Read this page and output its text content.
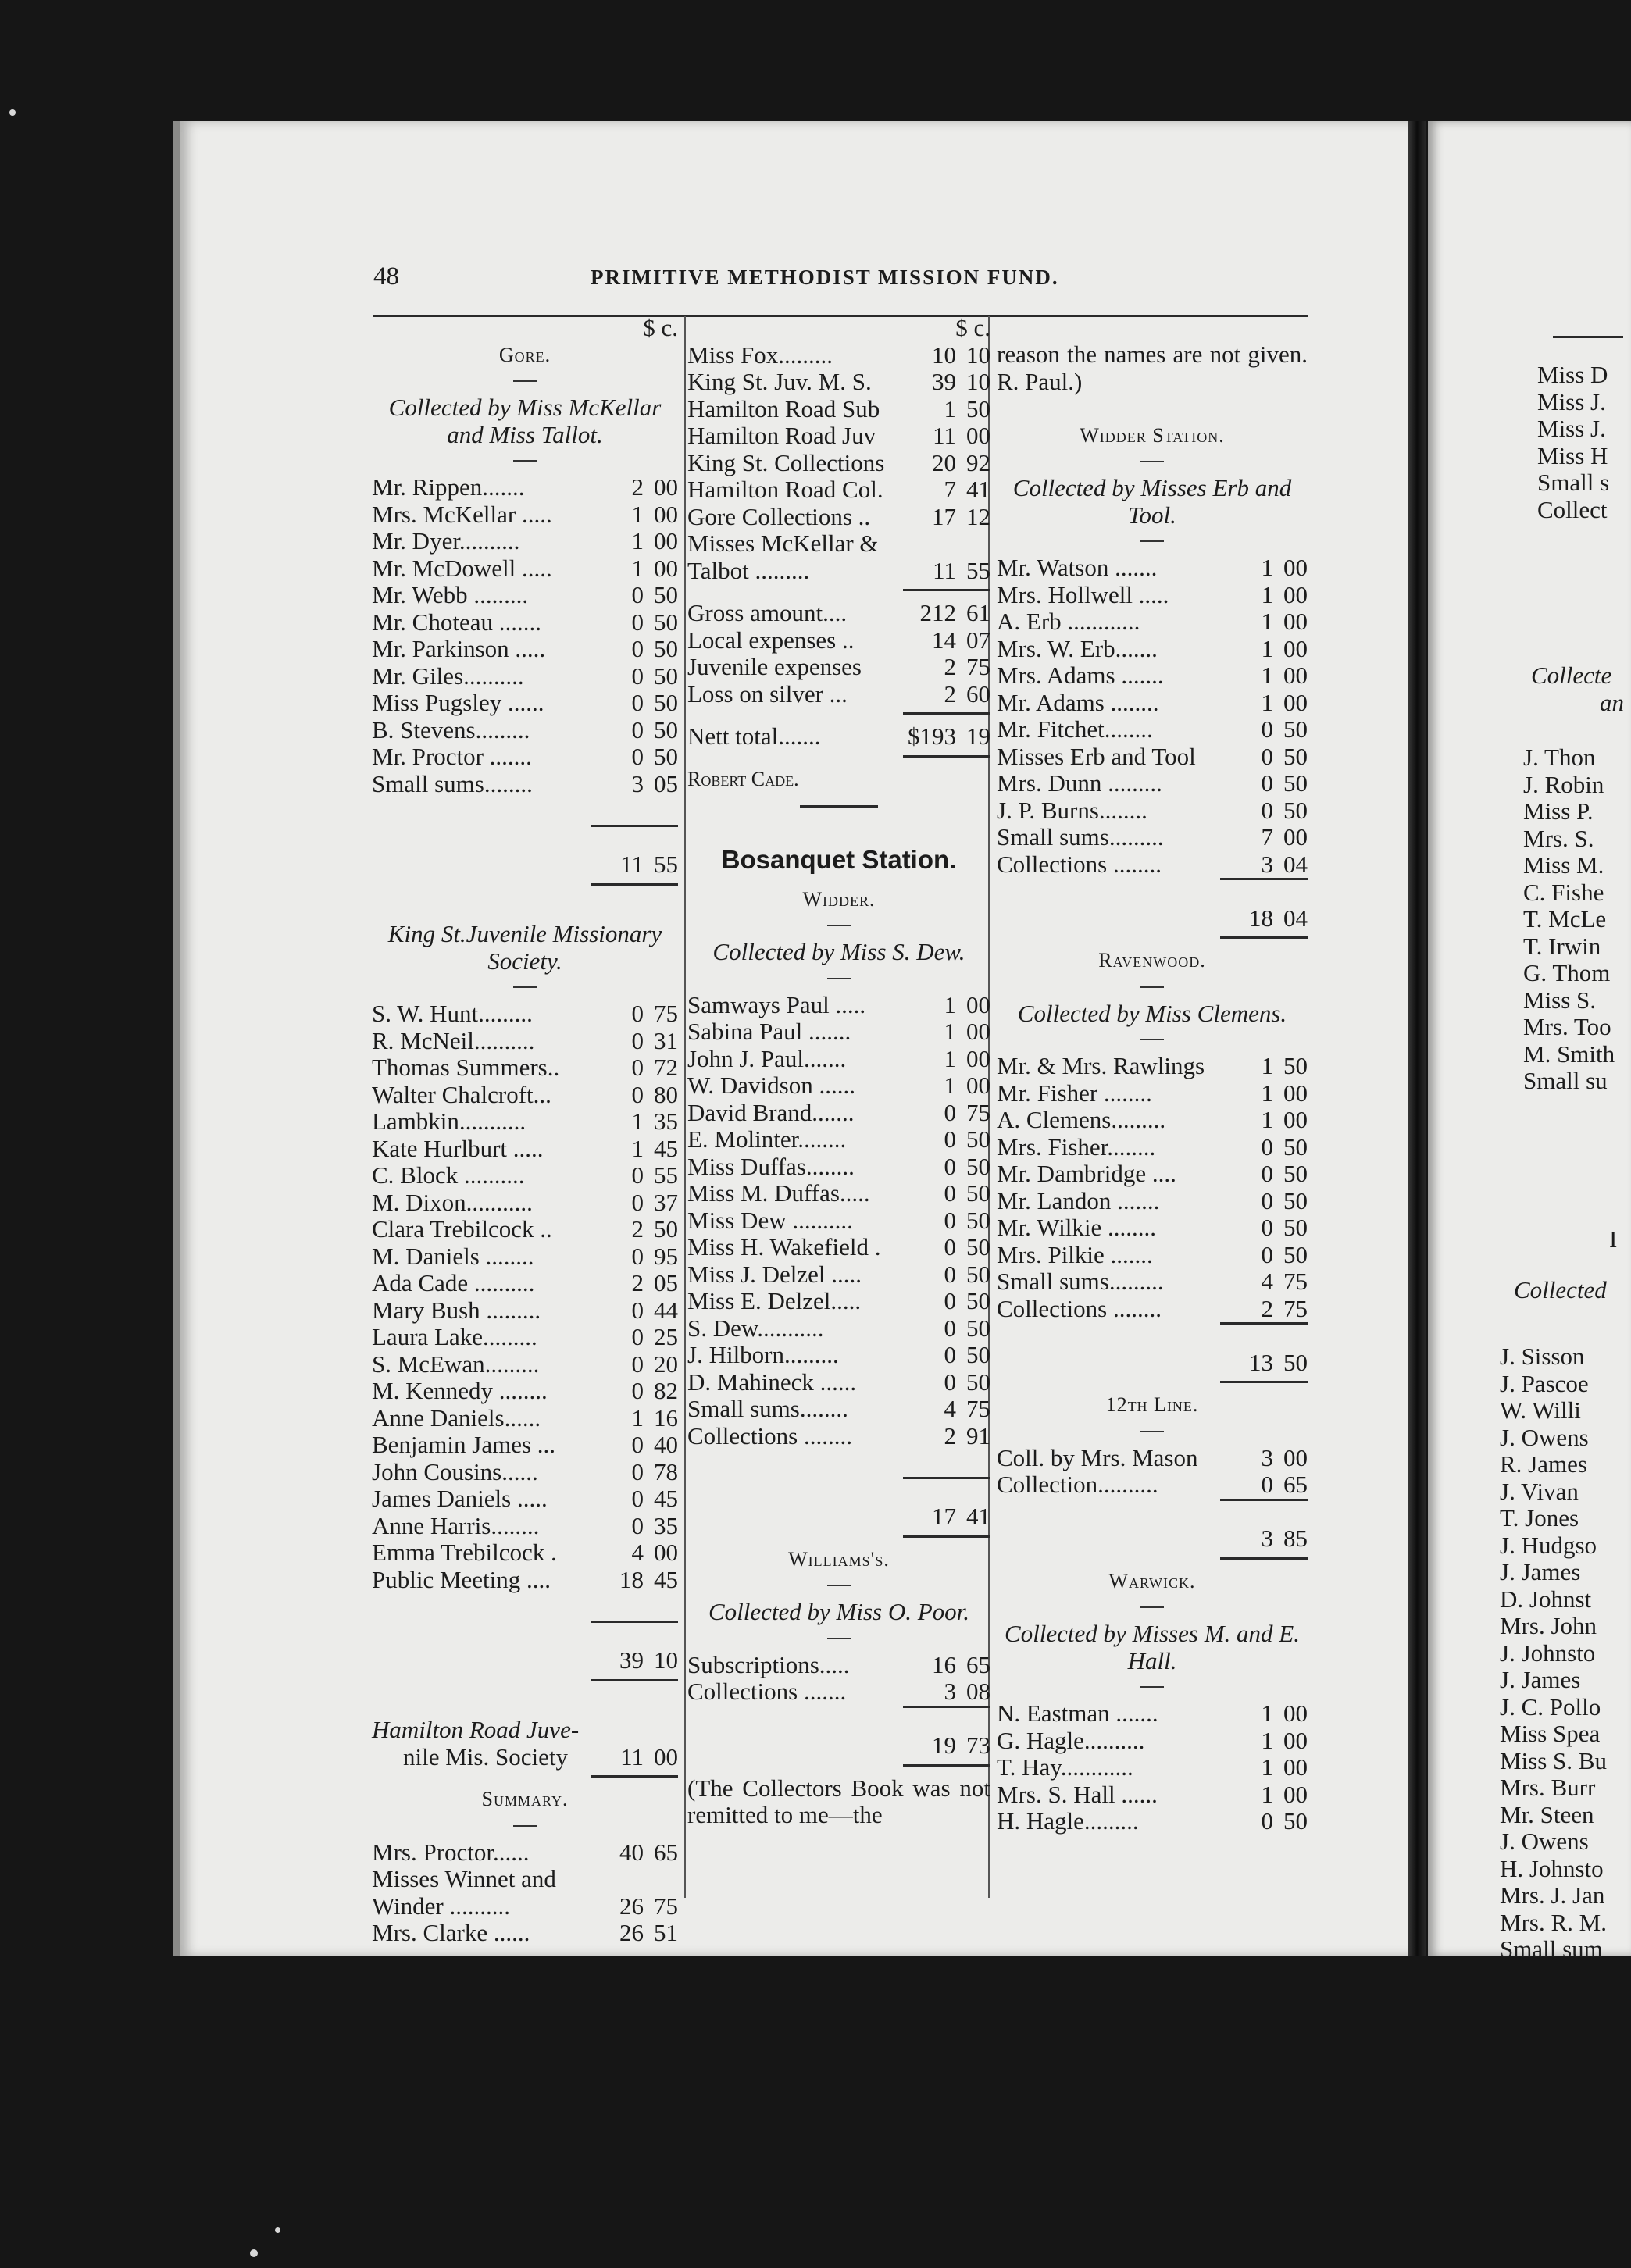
48	PRIMITIVE METHODIST MISSION FUND.
$ c.
Gore.
Collected by Miss McKellar and Miss Tallot.
Mr. Rippen.......	2 00
Mrs. McKellar .....	1 00
Mr. Dyer..........	1 00
Mr. McDowell .....	1 00
Mr. Webb .........	0 50
Mr. Choteau .......	0 50
Mr. Parkinson .....	0 50
Mr. Giles..........	0 50
Miss Pugsley ......	0 50
B. Stevens.........	0 50
Mr. Proctor .......	0 50
Small sums........	3 05
11 55
King St.Juvenile Missionary Society.
S. W. Hunt.........	0 75
R. McNeil..........	0 31
Thomas Summers..	0 72
Walter Chalcroft...	0 80
Lambkin...........	1 35
Kate Hurlburt .....	1 45
C. Block ..........	0 55
M. Dixon...........	0 37
Clara Trebilcock ..	2 50
M. Daniels ........	0 95
Ada Cade ..........	2 05
Mary Bush .........	0 44
Laura Lake.........	0 25
S. McEwan.........	0 20
M. Kennedy ........	0 82
Anne Daniels......	1 16
Benjamin James ...	0 40
John Cousins......	0 78
James Daniels .....	0 45
Anne Harris........	0 35
Emma Trebilcock .	4 00
Public Meeting ....	18 45
39 10
Hamilton Road Juve-
nile Mis. Society	11 00
Summary.
Mrs. Proctor......	40 65
Misses Winnet and
Winder ..........	26 75
Mrs. Clarke ......	26 51
$ c.
Miss Fox.........	10 10
King St. Juv. M. S.	39 10
Hamilton Road Sub	1 50
Hamilton Road Juv	11 00
King St. Collections	20 92
Hamilton Road Col.	7 41
Gore Collections ..	17 12
Misses McKellar &
Talbot .........	11 55
Gross amount....	212 61
Local expenses ..	14 07
Juvenile expenses	2 75
Loss on silver ...	2 60
Nett total.......	$193 19
Robert Cade.
Bosanquet Station.
Widder.
Collected by Miss S. Dew.
Samways Paul .....	1 00
Sabina Paul .......	1 00
John J. Paul.......	1 00
W. Davidson ......	1 00
David Brand.......	0 75
E. Molinter........	0 50
Miss Duffas........	0 50
Miss M. Duffas.....	0 50
Miss Dew ..........	0 50
Miss H. Wakefield .	0 50
Miss J. Delzel .....	0 50
Miss E. Delzel.....	0 50
S. Dew...........	0 50
J. Hilborn.........	0 50
D. Mahineck ......	0 50
Small sums........	4 75
Collections ........	2 91
17 41
Williams's.
Collected by Miss O. Poor.
Subscriptions.....	16 65
Collections .......	3 08
19 73
(The Collectors Book was not remitted to me—the
reason the names are not given. R. Paul.)
Widder Station.
Collected by Misses Erb and Tool.
Mr. Watson .......	1 00
Mrs. Hollwell .....	1 00
A. Erb ............	1 00
Mrs. W. Erb.......	1 00
Mrs. Adams .......	1 00
Mr. Adams ........	1 00
Mr. Fitchet........	0 50
Misses Erb and Tool	0 50
Mrs. Dunn .........	0 50
J. P. Burns........	0 50
Small sums.........	7 00
Collections ........	3 04
18 04
Ravenwood.
Collected by Miss Clemens.
Mr. & Mrs. Rawlings	1 50
Mr. Fisher ........	1 00
A. Clemens.........	1 00
Mrs. Fisher........	0 50
Mr. Dambridge ....	0 50
Mr. Landon .......	0 50
Mr. Wilkie ........	0 50
Mrs. Pilkie .......	0 50
Small sums.........	4 75
Collections ........	2 75
13 50
12th Line.
Coll. by Mrs. Mason	3 00
Collection..........	0 65
3 85
Warwick.
Collected by Misses M. and E. Hall.
N. Eastman .......	1 00
G. Hagle..........	1 00
T. Hay............	1 00
Mrs. S. Hall ......	1 00
H. Hagle.........	0 50
Miss D
Miss J.
Miss J.
Miss H
Small s
Collect
Collecte
an
J. Thon
J. Robin
Miss P.
Mrs. S.
Miss M.
C. Fishe
T. McLe
T. Irwin
G. Thom
Miss S.
Mrs. Too
M. Smith
Small su
I
Collected
J. Sisson
J. Pascoe
W. Willi
J. Owens
R. James
J. Vivan
T. Jones
J. Hudgso
J. James
D. Johnst
Mrs. John
J. Johnsto
J. James
J. C. Pollo
Miss Spea
Miss S. Bu
Mrs. Burr
Mr. Steen
J. Owens
H. Johnsto
Mrs. J. Jan
Mrs. R. M.
Small sum
